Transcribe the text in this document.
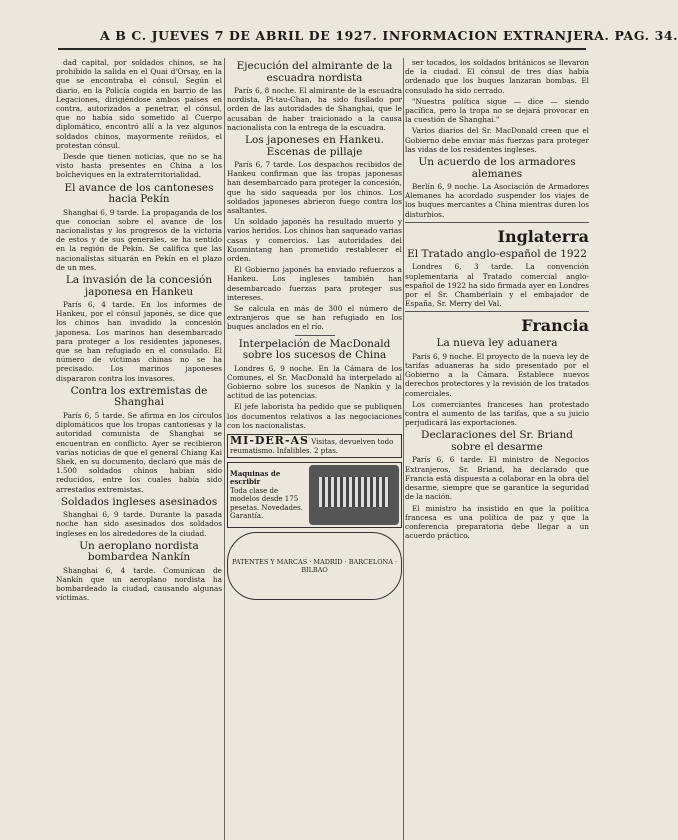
A B C. JUEVES 7 DE ABRIL DE 1927. INFORMACION EXTRANJERA. PAG. 34.

dad capital, por soldados chinos, se ha prohibido la salida en el Quai d'Orsay, en la que se encontraba el cónsul. Según el diario, en la Policía cogida en barrio de las Legaciones, dirigiéndose ambos países en contra, autorizados a penetrar, el cónsul, que no había sido sometido al Cuerpo diplomático, encontró allí a la vez algunos soldados chinos, mayormente reñidos, el protestan cónsul.

Desde que tienen noticias, que no se ha visto hasta presentes en China a los bolcheviques en la extraterritorialidad.

El avance de los cantoneses hacia Pekín

Shanghai 6, 9 tarde. La propaganda de los que conocían sobre el avance de los nacionalistas y los progresos de la victoria de estos y de sus generales, se ha sentido en la región de Pekín. Se califica que las nacionalistas situarán en Pekín en el plazo de un mes.

La invasión de la concesión japonesa en Hankeu

París 6, 4 tarde. En los informes de Hankeu, por el cónsul japonés, se dice que los chinos han invadido la concesión japonesa. Los marinos han desembarcado para proteger a los residentes japoneses, que se han refugiado en el consulado. El número de víctimas chinas no se ha precisado. Los marinos japoneses dispararon contra los invasores.

Contra los extremistas de Shanghai

París 6, 5 tarde. Se afirma en los círculos diplomáticos que los tropas cantonesas y la autoridad comunista de Shanghai se encuentran en conflicto. Ayer se recibieron varias noticias de que el general Chiang Kai Shek, en su documento, declaró que más de 1.500 soldados chinos habían sido reducidos, entre los cuales había sido arrestados extremistas.

Soldados ingleses asesinados

Shanghai 6, 9 tarde. Durante la pasada noche han sido asesinados dos soldados ingleses en los alrededores de la ciudad.

Un aeroplano nordista bombardea Nankín

Shanghai 6, 4 tarde. Comunican de Nankín que un aeroplano nordista ha bombardeado la ciudad, causando algunas víctimas.

Ejecución del almirante de la escuadra nordista

París 6, 8 noche. El almirante de la escuadra nordista, Pi-tau-Chan, ha sido fusilado por orden de las autoridades de Shanghai, que le acusaban de haber traicionado a la causa nacionalista con la entrega de la escuadra.

Los japoneses en Hankeu. Escenas de pillaje

París 6, 7 tarde. Los despachos recibidos de Hankeu confirman que las tropas japonesas han desembarcado para proteger la concesión, que ha sido saqueada por los chinos. Los soldados japoneses abrieron fuego contra los asaltantes.

Un soldado japonés ha resultado muerto y varios heridos. Los chinos han saqueado varias casas y comercios. Las autoridades del Kuomintang han prometido restablecer el orden.

El Gobierno japonés ha enviado refuerzos a Hankeu. Los ingleses también han desembarcado fuerzas para proteger sus intereses.

Se calcula en más de 300 el número de extranjeros que se han refugiado en los buques anclados en el río.

Interpelación de MacDonald sobre los sucesos de China

Londres 6, 9 noche. En la Cámara de los Comunes, el Sr. MacDonald ha interpelado al Gobierno sobre los sucesos de Nankín y la actitud de las potencias.

El jefe laborista ha pedido que se publiquen los documentos relativos a las negociaciones con los nacionalistas.

MI-DER-AS Visitas, devuelven todo reumatismo. Infalibles. 2 ptas.
Maquinas de escribir
Toda clase de modelos desde 175 pesetas. Novedades. Garantía.
PATENTES Y MARCAS · MADRID · BARCELONA · BILBAO

ser tocados, los soldados británicos se llevaron de la ciudad. El cónsul de tres días había ordenado que los buques lanzaran bombas. El consulado ha sido cerrado.

"Nuestra política sigue — dice — siendo pacífica, pero la tropa no se dejará provocar en la cuestión de Shanghai."

Varios diarios del Sr. MacDonald creen que el Gobierno debe enviar más fuerzas para proteger las vidas de los residentes ingleses.

Un acuerdo de los armadores alemanes

Berlín 6, 9 noche. La Asociación de Armadores Alemanes ha acordado suspender los viajes de los buques mercantes a China mientras duren los disturbios.

Inglaterra
El Tratado anglo-español de 1922

Londres 6, 3 tarde. La convención suplementaria al Tratado comercial anglo-español de 1922 ha sido firmada ayer en Londres por el Sr. Chamberlain y el embajador de España, Sr. Merry del Val.

Francia
La nueva ley aduanera

París 6, 9 noche. El proyecto de la nueva ley de tarifas aduaneras ha sido presentado por el Gobierno a la Cámara. Establece nuevos derechos protectores y la revisión de los tratados comerciales.

Los comerciantes franceses han protestado contra el aumento de las tarifas, que a su juicio perjudicará las exportaciones.

Declaraciones del Sr. Briand sobre el desarme

París 6, 6 tarde. El ministro de Negocios Extranjeros, Sr. Briand, ha declarado que Francia está dispuesta a colaborar en la obra del desarme, siempre que se garantice la seguridad de la nación.

El ministro ha insistido en que la política francesa es una política de paz y que la conferencia preparatoria debe llegar a un acuerdo práctico.
